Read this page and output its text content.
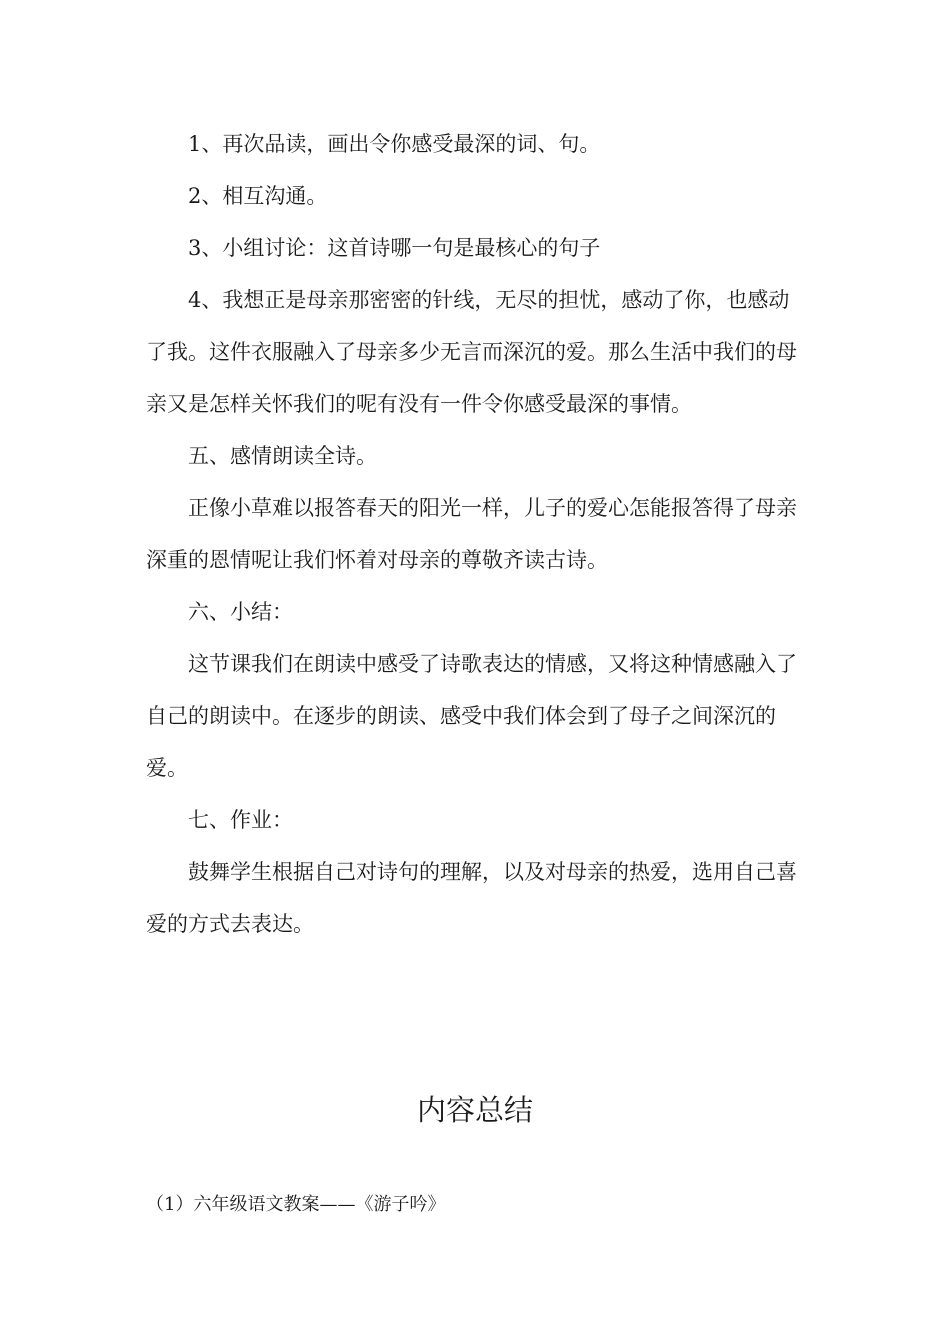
1、再次品读，画出令你感受最深的词、句。

2、相互沟通。

3、小组讨论：这首诗哪一句是最核心的句子

4、我想正是母亲那密密的针线，无尽的担忧，感动了你，也感动了我。这件衣服融入了母亲多少无言而深沉的爱。那么生活中我们的母亲又是怎样关怀我们的呢有没有一件令你感受最深的事情。

五、感情朗读全诗。

正像小草难以报答春天的阳光一样，儿子的爱心怎能报答得了母亲深重的恩情呢让我们怀着对母亲的尊敬齐读古诗。

六、小结：

这节课我们在朗读中感受了诗歌表达的情感，又将这种情感融入了自己的朗读中。在逐步的朗读、感受中我们体会到了母子之间深沉的爱。

七、作业：

鼓舞学生根据自己对诗句的理解，以及对母亲的热爱，选用自己喜爱的方式去表达。

内容总结

（1）六年级语文教案——《游子吟》
